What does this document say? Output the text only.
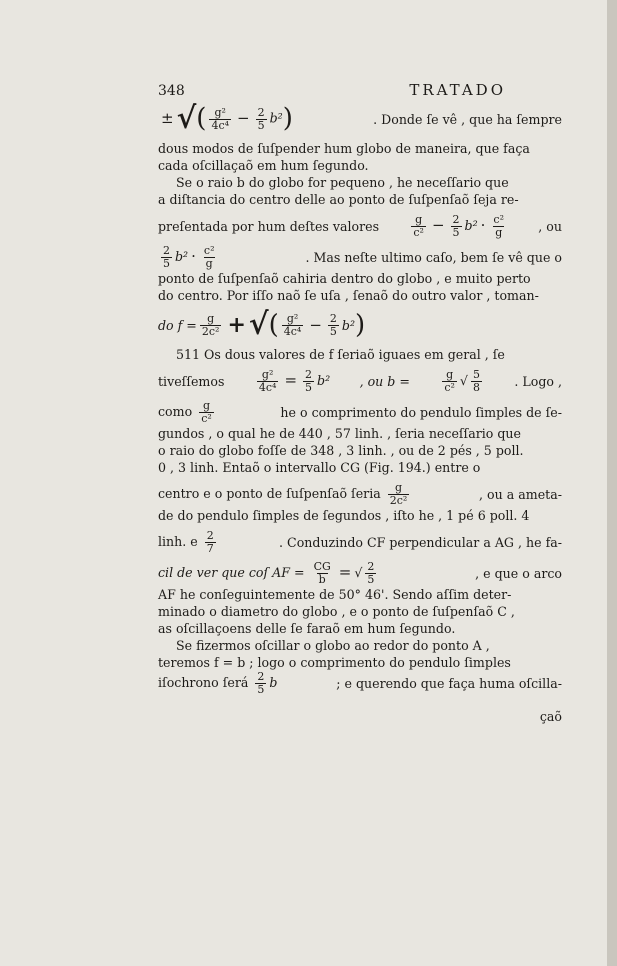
348	TRATADO
± √( $\frac{\text{g²}}{\text{4c⁴}} - \frac{2}{5} b^2$)	. Donde ſe vê , que ha ſempre

dous modos de ſuſpender hum globo de maneira, que faça

cada oſcillaçaõ em hum ſegundo.

Se o raio b do globo for pequeno , he neceſſario que

a diſtancia do centro delle ao ponto de ſuſpenſaõ ſeja re-

preſentada por hum deſtes valores	$\frac{g}{\text{c²}} - \frac{2}{5} b^2 \cdot \frac{\text{c²}}{g}$	, ou
$\frac{2}{5} b^2 \cdot \frac{\text{c²}}{g}$	. Mas neſte ultimo caſo, bem ſe vê que o

ponto de ſuſpenſaõ cahiria dentro do globo , e muito perto

do centro. Por iſſo naõ ſe uſa , ſenaõ do outro valor , toman-

do $f = \frac{g}{\text{2c²}}$ + √ ( $\frac{\text{g²}}{\text{4c⁴}} - \frac{2}{5} b^2$ )

511 Os dous valores de f ſeriaõ iguaes em geral , ſe

tiveſſemos	$\frac{\text{g²}}{\text{4c⁴}} = \frac{2}{5} b^2$ , ou b =	$\frac{g}{\text{c²}}$ √ $\frac{5}{8}$	. Logo ,
como $\frac{g}{\text{c²}}$	he o comprimento do pendulo ſimples de ſe-

gundos , o qual he de 440 , 57 linh. , ſeria neceſſario que

o raio do globo foſſe de 348 , 3 linh. , ou de 2 pés , 5 poll.

0 , 3 linh. Entaõ o intervallo CG (Fig. 194.) entre o

centro e o ponto de ſuſpenſaõ ſeria $\frac{g}{\text{2c²}}$	, ou a ameta-

de do pendulo ſimples de ſegundos , iſto he , 1 pé 6 poll. 4

linh. e $\frac{2}{7}$	. Conduzindo CF perpendicular a AG , he fa-
cil de ver que coſ AF = $\frac{CG}{b}$ = √ $\frac{2}{5}$	, e que o arco

AF he conſeguintemente de 50° 46'. Sendo aſſim deter-

minado o diametro do globo , e o ponto de ſuſpenſaõ C ,

as oſcillaçoens delle ſe faraõ em hum ſegundo.

Se fizermos oſcillar o globo ao redor do ponto A ,

teremos f = b ; logo o comprimento do pendulo ſimples

iſochrono ſerá $\frac{2}{5}$ b	; e querendo que faça huma oſcilla-
çaõ
